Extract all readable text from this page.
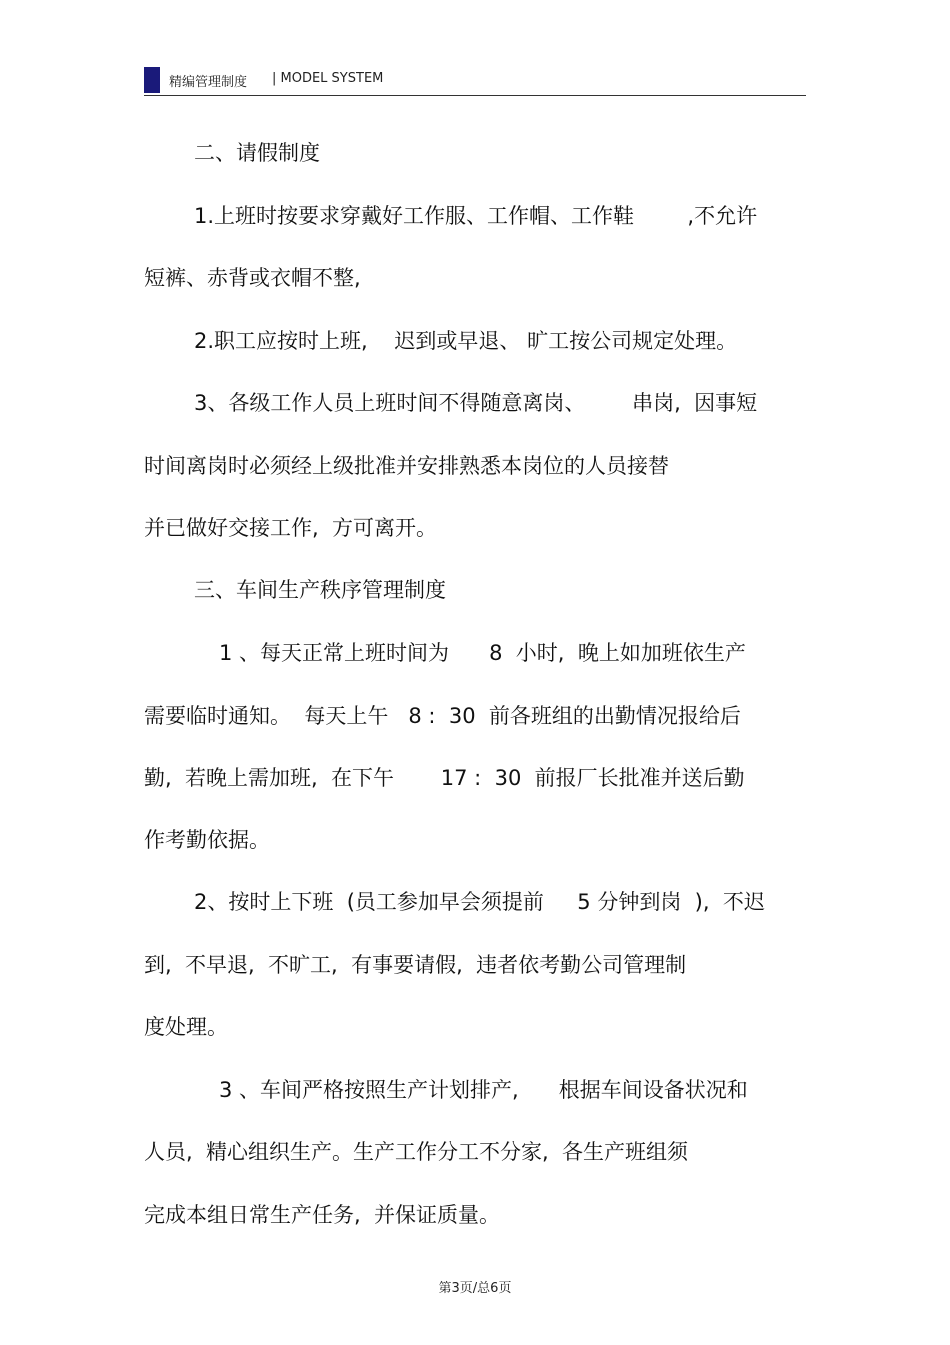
精编管理制度 | MODEL SYSTEM
二、请假制度
1.上班时按要求穿戴好工作服、工作帽、工作鞋        ,不允许
短裤、赤背或衣帽不整,
2.职工应按时上班,    迟到或早退、 旷工按公司规定处理。
3、各级工作人员上班时间不得随意离岗、       串岗,  因事短
时间离岗时必须经上级批准并安排熟悉本岗位的人员接替
并已做好交接工作,  方可离开。
三、车间生产秩序管理制度
1 、每天正常上班时间为      8  小时,  晚上如加班依生产
需要临时通知。  每天上午   8 :  30  前各班组的出勤情况报给后
勤,  若晚上需加班,  在下午       17 :  30  前报厂长批准并送后勤
作考勤依据。
2、按时上下班  (员工参加早会须提前     5 分钟到岗  ),  不迟
到,  不早退,  不旷工,  有事要请假,  违者依考勤公司管理制
度处理。
3 、车间严格按照生产计划排产,      根据车间设备状况和
人员,  精心组织生产。生产工作分工不分家,  各生产班组须
完成本组日常生产任务,  并保证质量。
第3页/总6页
